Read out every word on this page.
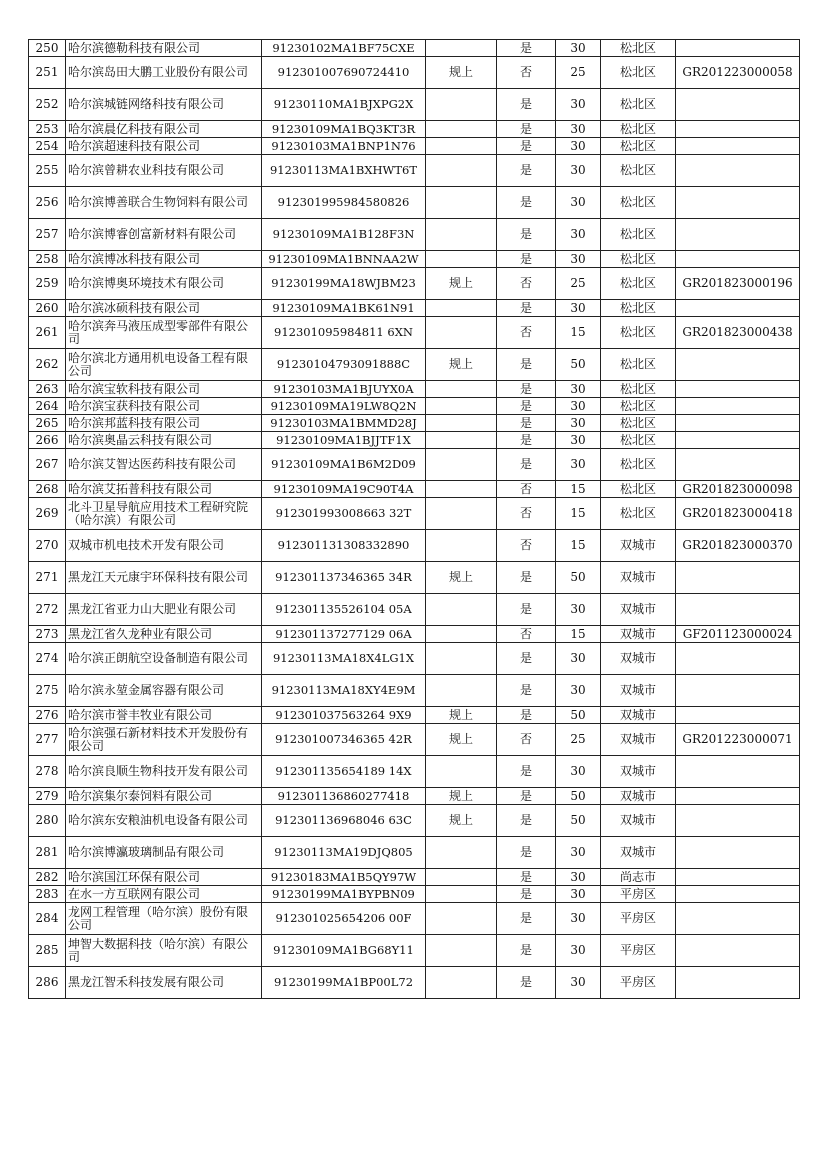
250	哈尔滨德勒科技有限公司	91230102MA1BF75CXE		是	30	松北区	
251	哈尔滨岛田大鹏工业股份有限公司	912301007690724410	规上	否	25	松北区	GR201223000058
252	哈尔滨城链网络科技有限公司	91230110MA1BJXPG2X		是	30	松北区	
253	哈尔滨晨亿科技有限公司	91230109MA1BQ3KT3R		是	30	松北区	
254	哈尔滨超速科技有限公司	91230103MA1BNP1N76		是	30	松北区	
255	哈尔滨曾耕农业科技有限公司	91230113MA1BXHWT6T		是	30	松北区	
256	哈尔滨博善联合生物饲料有限公司	912301995984580826		是	30	松北区	
257	哈尔滨博睿创富新材料有限公司	91230109MA1B128F3N		是	30	松北区	
258	哈尔滨博冰科技有限公司	91230109MA1BNNAA2W		是	30	松北区	
259	哈尔滨博奥环境技术有限公司	91230199MA18WJBM23	规上	否	25	松北区	GR201823000196
260	哈尔滨冰硕科技有限公司	91230109MA1BK61N91		是	30	松北区	
261	哈尔滨奔马液压成型零部件有限公司	912301095984811 6XN		否	15	松北区	GR201823000438
262	哈尔滨北方通用机电设备工程有限公司	91230104793091888C	规上	是	50	松北区	
263	哈尔滨宝软科技有限公司	91230103MA1BJUYX0A		是	30	松北区	
264	哈尔滨宝获科技有限公司	91230109MA19LW8Q2N		是	30	松北区	
265	哈尔滨邦蓝科技有限公司	91230103MA1BMMD28J		是	30	松北区	
266	哈尔滨奥晶云科技有限公司	91230109MA1BJJTF1X		是	30	松北区	
267	哈尔滨艾智达医药科技有限公司	91230109MA1B6M2D09		是	30	松北区	
268	哈尔滨艾拓普科技有限公司	91230109MA19C90T4A		否	15	松北区	GR201823000098
269	北斗卫星导航应用技术工程研究院（哈尔滨）有限公司	912301993008663 32T		否	15	松北区	GR201823000418
270	双城市机电技术开发有限公司	912301131308332890		否	15	双城市	GR201823000370
271	黑龙江天元康宇环保科技有限公司	912301137346365 34R	规上	是	50	双城市	
272	黑龙江省亚力山大肥业有限公司	912301135526104 05A		是	30	双城市	
273	黑龙江省久龙种业有限公司	912301137277129 06A		否	15	双城市	GF201123000024
274	哈尔滨正朗航空设备制造有限公司	91230113MA18X4LG1X		是	30	双城市	
275	哈尔滨永堃金属容器有限公司	91230113MA18XY4E9M		是	30	双城市	
276	哈尔滨市誉丰牧业有限公司	912301037563264 9X9	规上	是	50	双城市	
277	哈尔滨强石新材料技术开发股份有限公司	912301007346365 42R	规上	否	25	双城市	GR201223000071
278	哈尔滨良顺生物科技开发有限公司	912301135654189 14X		是	30	双城市	
279	哈尔滨集尔泰饲料有限公司	912301136860277418	规上	是	50	双城市	
280	哈尔滨东安粮油机电设备有限公司	912301136968046 63C	规上	是	50	双城市	
281	哈尔滨博瀛玻璃制品有限公司	91230113MA19DJQ805		是	30	双城市	
282	哈尔滨国江环保有限公司	91230183MA1B5QY97W		是	30	尚志市	
283	在水一方互联网有限公司	91230199MA1BYPBN09		是	30	平房区	
284	龙网工程管理（哈尔滨）股份有限公司	912301025654206 00F		是	30	平房区	
285	坤智大数据科技（哈尔滨）有限公司	91230109MA1BG68Y11		是	30	平房区	
286	黑龙江智禾科技发展有限公司	91230199MA1BP00L72		是	30	平房区	
